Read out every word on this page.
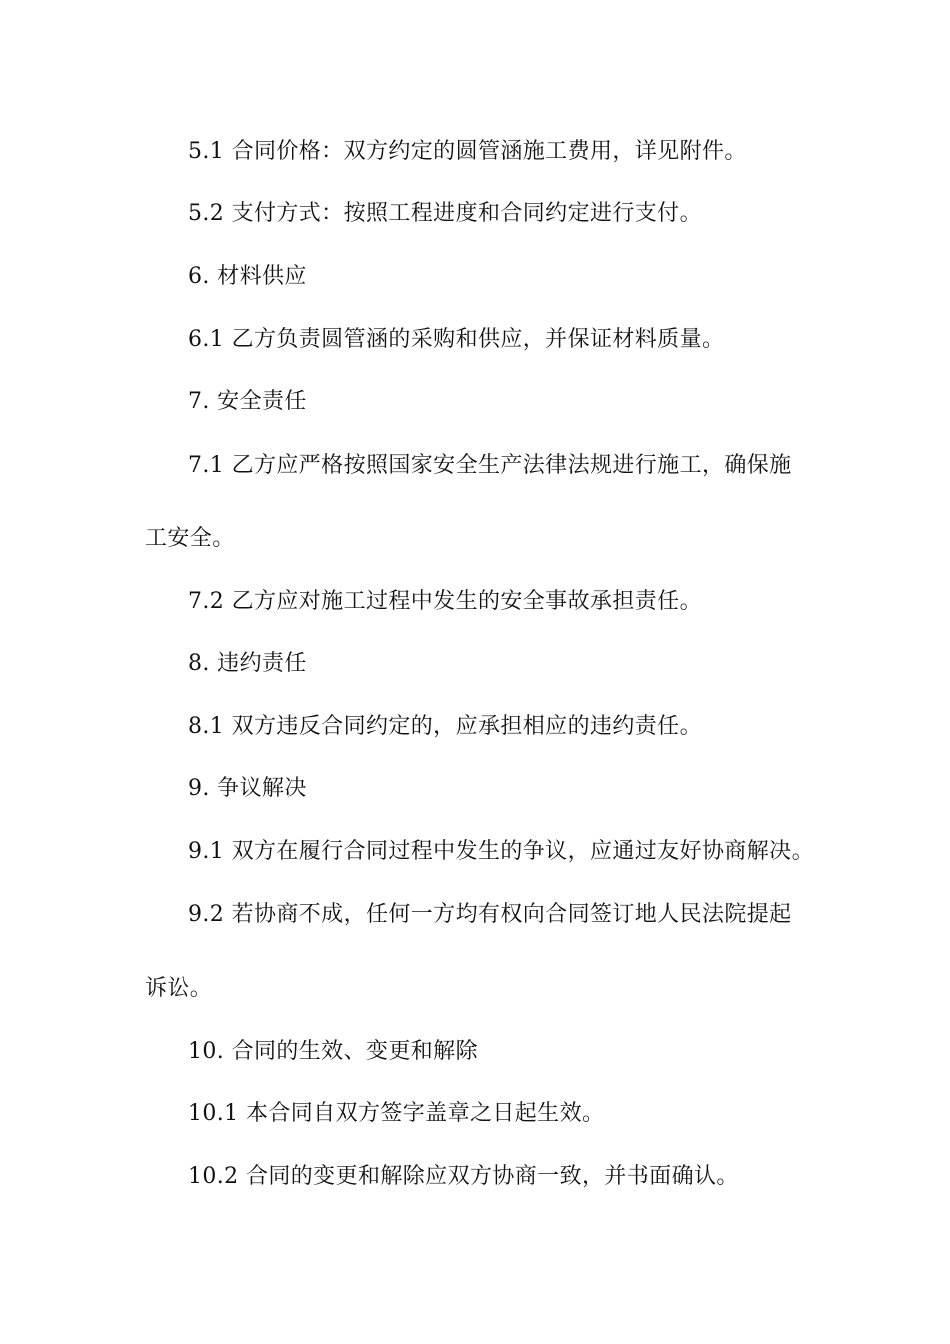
5.1 合同价格：双方约定的圆管涵施工费用，详见附件。
5.2 支付方式：按照工程进度和合同约定进行支付。
6. 材料供应
6.1 乙方负责圆管涵的采购和供应，并保证材料质量。
7. 安全责任
7.1 乙方应严格按照国家安全生产法律法规进行施工，确保施
工安全。
7.2 乙方应对施工过程中发生的安全事故承担责任。
8. 违约责任
8.1 双方违反合同约定的，应承担相应的违约责任。
9. 争议解决
9.1 双方在履行合同过程中发生的争议，应通过友好协商解决。
9.2 若协商不成，任何一方均有权向合同签订地人民法院提起
诉讼。
10. 合同的生效、变更和解除
10.1 本合同自双方签字盖章之日起生效。
10.2 合同的变更和解除应双方协商一致，并书面确认。
